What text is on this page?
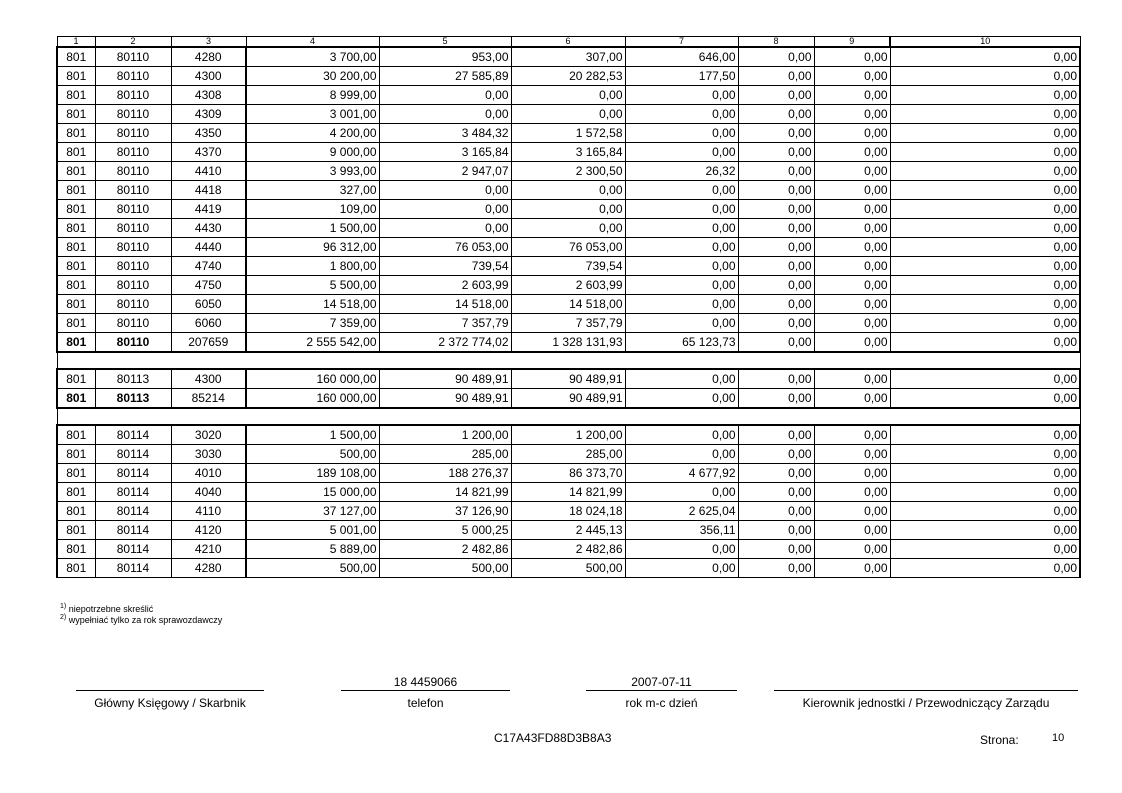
1	2	3	4	5	6	7	8	9	10
801	80110	4280	3 700,00	953,00	307,00	646,00	0,00	0,00	0,00
801	80110	4300	30 200,00	27 585,89	20 282,53	177,50	0,00	0,00	0,00
801	80110	4308	8 999,00	0,00	0,00	0,00	0,00	0,00	0,00
801	80110	4309	3 001,00	0,00	0,00	0,00	0,00	0,00	0,00
801	80110	4350	4 200,00	3 484,32	1 572,58	0,00	0,00	0,00	0,00
801	80110	4370	9 000,00	3 165,84	3 165,84	0,00	0,00	0,00	0,00
801	80110	4410	3 993,00	2 947,07	2 300,50	26,32	0,00	0,00	0,00
801	80110	4418	327,00	0,00	0,00	0,00	0,00	0,00	0,00
801	80110	4419	109,00	0,00	0,00	0,00	0,00	0,00	0,00
801	80110	4430	1 500,00	0,00	0,00	0,00	0,00	0,00	0,00
801	80110	4440	96 312,00	76 053,00	76 053,00	0,00	0,00	0,00	0,00
801	80110	4740	1 800,00	739,54	739,54	0,00	0,00	0,00	0,00
801	80110	4750	5 500,00	2 603,99	2 603,99	0,00	0,00	0,00	0,00
801	80110	6050	14 518,00	14 518,00	14 518,00	0,00	0,00	0,00	0,00
801	80110	6060	7 359,00	7 357,79	7 357,79	0,00	0,00	0,00	0,00
801	80110	207659	2 555 542,00	2 372 774,02	1 328 131,93	65 123,73	0,00	0,00	0,00

801	80113	4300	160 000,00	90 489,91	90 489,91	0,00	0,00	0,00	0,00
801	80113	85214	160 000,00	90 489,91	90 489,91	0,00	0,00	0,00	0,00

801	80114	3020	1 500,00	1 200,00	1 200,00	0,00	0,00	0,00	0,00
801	80114	3030	500,00	285,00	285,00	0,00	0,00	0,00	0,00
801	80114	4010	189 108,00	188 276,37	86 373,70	4 677,92	0,00	0,00	0,00
801	80114	4040	15 000,00	14 821,99	14 821,99	0,00	0,00	0,00	0,00
801	80114	4110	37 127,00	37 126,90	18 024,18	2 625,04	0,00	0,00	0,00
801	80114	4120	5 001,00	5 000,25	2 445,13	356,11	0,00	0,00	0,00
801	80114	4210	5 889,00	2 482,86	2 482,86	0,00	0,00	0,00	0,00
801	80114	4280	500,00	500,00	500,00	0,00	0,00	0,00	0,00
$^{1)}$ niepotrzebne skreślić
$^{2)}$ wypełniać tylko za rok sprawozdawczy
18 4459066	2007-07-11
Główny Księgowy / Skarbnik	telefon	rok m-c dzień	Kierownik jednostki / Przewodniczący Zarządu
C17A43FD88D3B8A3	Strona:	10
